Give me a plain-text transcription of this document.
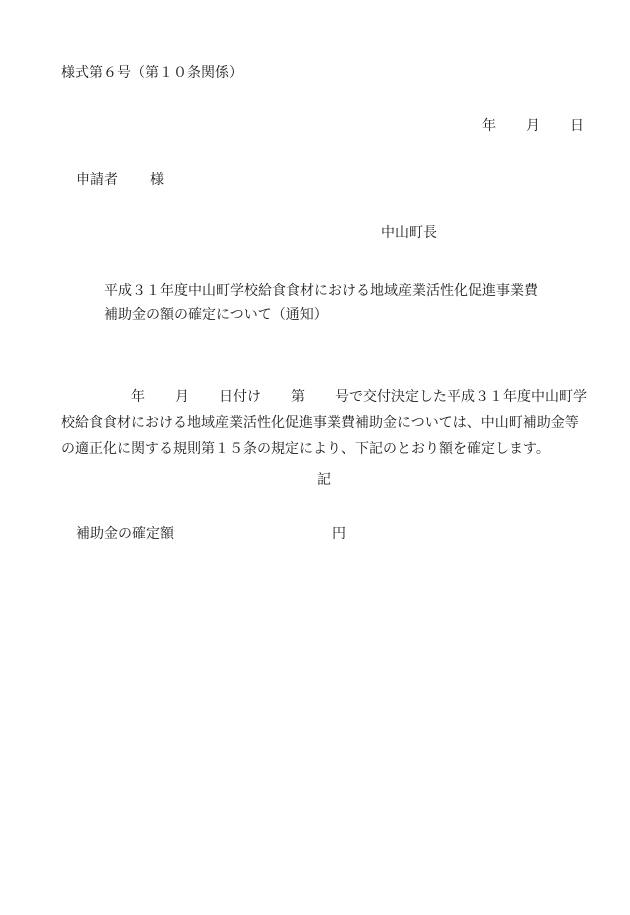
様式第６号（第１０条関係）
年 月 日
申請者 様
中山町長
平成３１年度中山町学校給食食材における地域産業活性化促進事業費
補助金の額の確定について（通知）
年 月 日付け 第 号で交付決定した平成３１年度中山町学
校給食食材における地域産業活性化促進事業費補助金については、中山町補助金等
の適正化に関する規則第１５条の規定により、下記のとおり額を確定します。
記
補助金の確定額	円
